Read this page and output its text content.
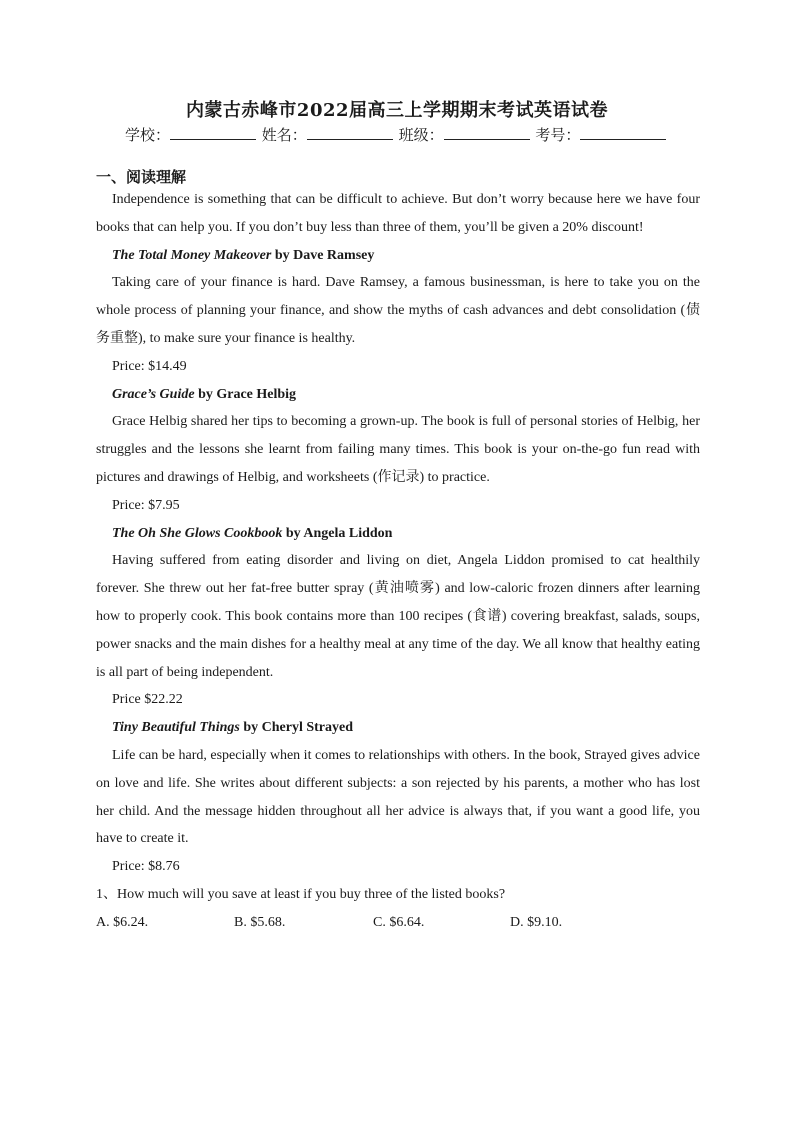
内蒙古赤峰市2022届高三上学期期末考试英语试卷
学校：	姓名：	班级：	考号：
一、阅读理解

Independence is something that can be difficult to achieve. But don’t worry because here we have four books that can help you. If you don’t buy less than three of them, you’ll be given a 20% discount!

The Total Money Makeover by Dave Ramsey

Taking care of your finance is hard. Dave Ramsey, a famous businessman, is here to take you on the whole process of planning your finance, and show the myths of cash advances and debt consolidation (债务重整), to make sure your finance is healthy.

Price: $14.49

Grace’s Guide by Grace Helbig

Grace Helbig shared her tips to becoming a grown-up. The book is full of personal stories of Helbig, her struggles and the lessons she learnt from failing many times. This book is your on-the-go fun read with pictures and drawings of Helbig, and worksheets (作记录) to practice.

Price: $7.95

The Oh She Glows Cookbook by Angela Liddon

Having suffered from eating disorder and living on diet, Angela Liddon promised to cat healthily forever. She threw out her fat-free butter spray (黄油喷雾) and low-caloric frozen dinners after learning how to properly cook. This book contains more than 100 recipes (食谱) covering breakfast, salads, soups, power snacks and the main dishes for a healthy meal at any time of the day. We all know that healthy eating is all part of being independent.

Price $22.22

Tiny Beautiful Things by Cheryl Strayed

Life can be hard, especially when it comes to relationships with others. In the book, Strayed gives advice on love and life. She writes about different subjects: a son rejected by his parents, a mother who has lost her child. And the message hidden throughout all her advice is always that, if you want a good life, you have to create it.

Price: $8.76

1、How much will you save at least if you buy three of the listed books?

A. $6.24.	B. $5.68.	C. $6.64.	D. $9.10.
